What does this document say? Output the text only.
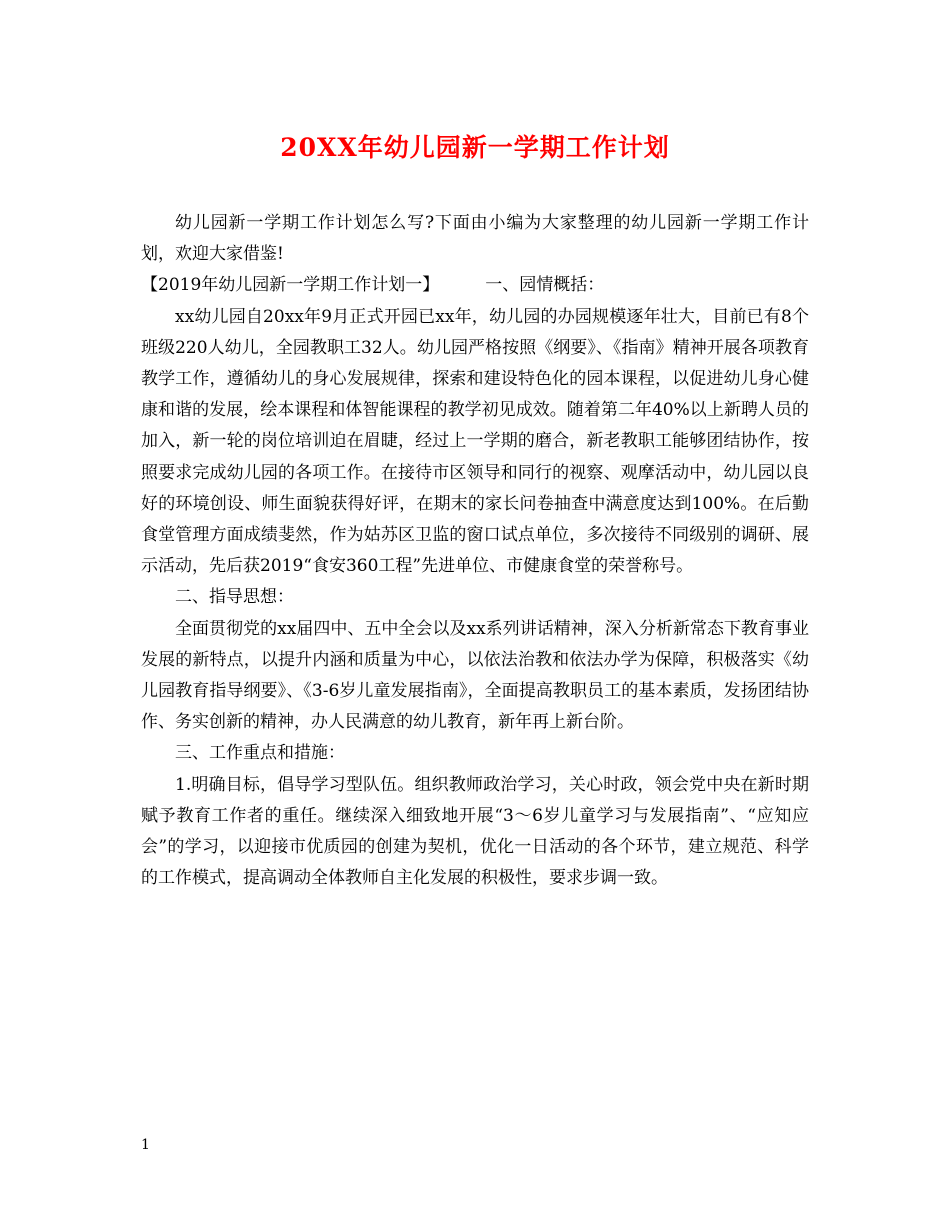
20XX年幼儿园新一学期工作计划

幼儿园新一学期工作计划怎么写?下面由小编为大家整理的幼儿园新一学期工作计划，欢迎大家借鉴!

【2019年幼儿园新一学期工作计划一】	一、园情概括：

xx幼儿园自20xx年9月正式开园已xx年，幼儿园的办园规模逐年壮大，目前已有8个班级220人幼儿，全园教职工32人。幼儿园严格按照《纲要》、《指南》精神开展各项教育教学工作，遵循幼儿的身心发展规律，探索和建设特色化的园本课程，以促进幼儿身心健康和谐的发展，绘本课程和体智能课程的教学初见成效。随着第二年40%以上新聘人员的加入，新一轮的岗位培训迫在眉睫，经过上一学期的磨合，新老教职工能够团结协作，按照要求完成幼儿园的各项工作。在接待市区领导和同行的视察、观摩活动中，幼儿园以良好的环境创设、师生面貌获得好评，在期末的家长问卷抽查中满意度达到100%。在后勤食堂管理方面成绩斐然，作为姑苏区卫监的窗口试点单位，多次接待不同级别的调研、展示活动，先后获2019“食安360工程”先进单位、市健康食堂的荣誉称号。

二、指导思想：

全面贯彻党的xx届四中、五中全会以及xx系列讲话精神，深入分析新常态下教育事业发展的新特点，以提升内涵和质量为中心，以依法治教和依法办学为保障，积极落实《幼儿园教育指导纲要》、《3-6岁儿童发展指南》，全面提高教职员工的基本素质，发扬团结协作、务实创新的精神，办人民满意的幼儿教育，新年再上新台阶。

三、工作重点和措施：

1.明确目标，倡导学习型队伍。组织教师政治学习，关心时政，领会党中央在新时期赋予教育工作者的重任。继续深入细致地开展“3～6岁儿童学习与发展指南”、“应知应会”的学习，以迎接市优质园的创建为契机，优化一日活动的各个环节，建立规范、科学的工作模式，提高调动全体教师自主化发展的积极性，要求步调一致。

1
